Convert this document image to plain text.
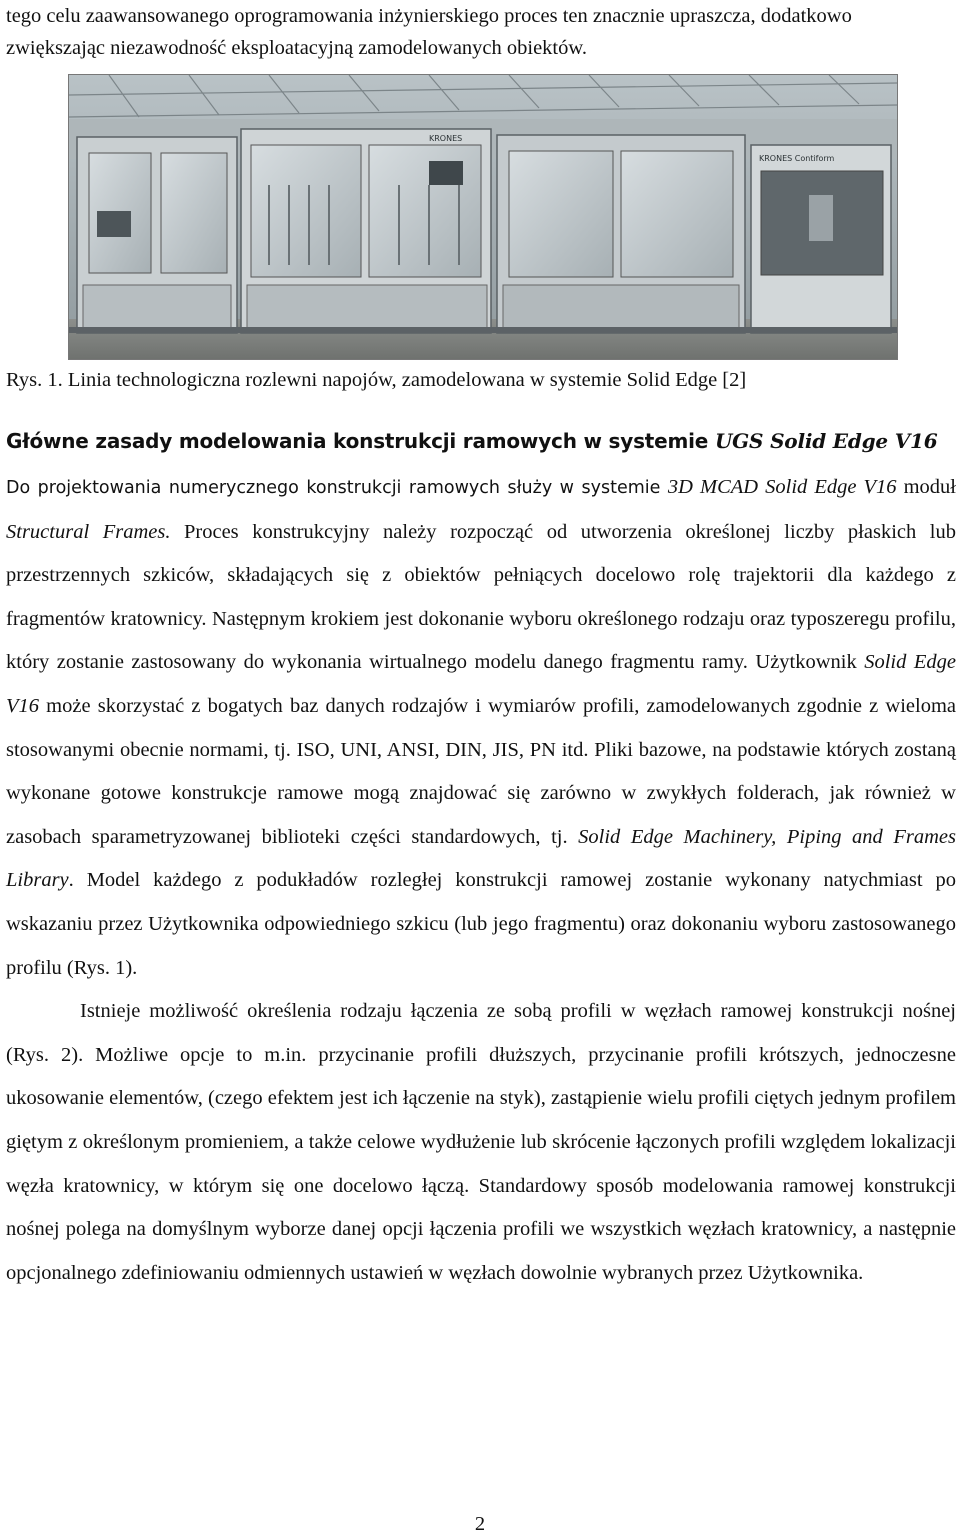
tego celu zaawansowanego oprogramowania inżynierskiego proces ten znacznie upraszcza, dodatkowo zwiększając niezawodność eksploatacyjną zamodelowanych obiektów.

KRONES
KRONES Contiform

Rys. 1. Linia technologiczna rozlewni napojów, zamodelowana w systemie Solid Edge [2]

Główne zasady modelowania konstrukcji ramowych w systemie UGS Solid Edge V16

Do projektowania numerycznego konstrukcji ramowych służy w systemie 3D MCAD Solid Edge V16 moduł Structural Frames. Proces konstrukcyjny należy rozpocząć od utworzenia określonej liczby płaskich lub przestrzennych szkiców, składających się z obiektów pełniących docelowo rolę trajektorii dla każdego z fragmentów kratownicy. Następnym krokiem jest dokonanie wyboru określonego rodzaju oraz typoszeregu profilu, który zostanie zastosowany do wykonania wirtualnego modelu danego fragmentu ramy. Użytkownik Solid Edge V16 może skorzystać z bogatych baz danych rodzajów i wymiarów profili, zamodelowanych zgodnie z wieloma stosowanymi obecnie normami, tj. ISO, UNI, ANSI, DIN, JIS, PN itd. Pliki bazowe, na podstawie których zostaną wykonane gotowe konstrukcje ramowe mogą znajdować się zarówno w zwykłych folderach, jak również w zasobach sparametryzowanej biblioteki części standardowych, tj. Solid Edge Machinery, Piping and Frames Library. Model każdego z podukładów rozległej konstrukcji ramowej zostanie wykonany natychmiast po wskazaniu przez Użytkownika odpowiedniego szkicu (lub jego fragmentu) oraz dokonaniu wyboru zastosowanego profilu (Rys. 1).

Istnieje możliwość określenia rodzaju łączenia ze sobą profili w węzłach ramowej konstrukcji nośnej (Rys. 2). Możliwe opcje to m.in. przycinanie profili dłuższych, przycinanie profili krótszych, jednoczesne ukosowanie elementów, (czego efektem jest ich łączenie na styk), zastąpienie wielu profili ciętych jednym profilem giętym z określonym promieniem, a także celowe wydłużenie lub skrócenie łączonych profili względem lokalizacji węzła kratownicy, w którym się one docelowo łączą. Standardowy sposób modelowania ramowej konstrukcji nośnej polega na domyślnym wyborze danej opcji łączenia profili we wszystkich węzłach kratownicy, a następnie opcjonalnego zdefiniowaniu odmiennych ustawień w węzłach dowolnie wybranych przez Użytkownika.

2
